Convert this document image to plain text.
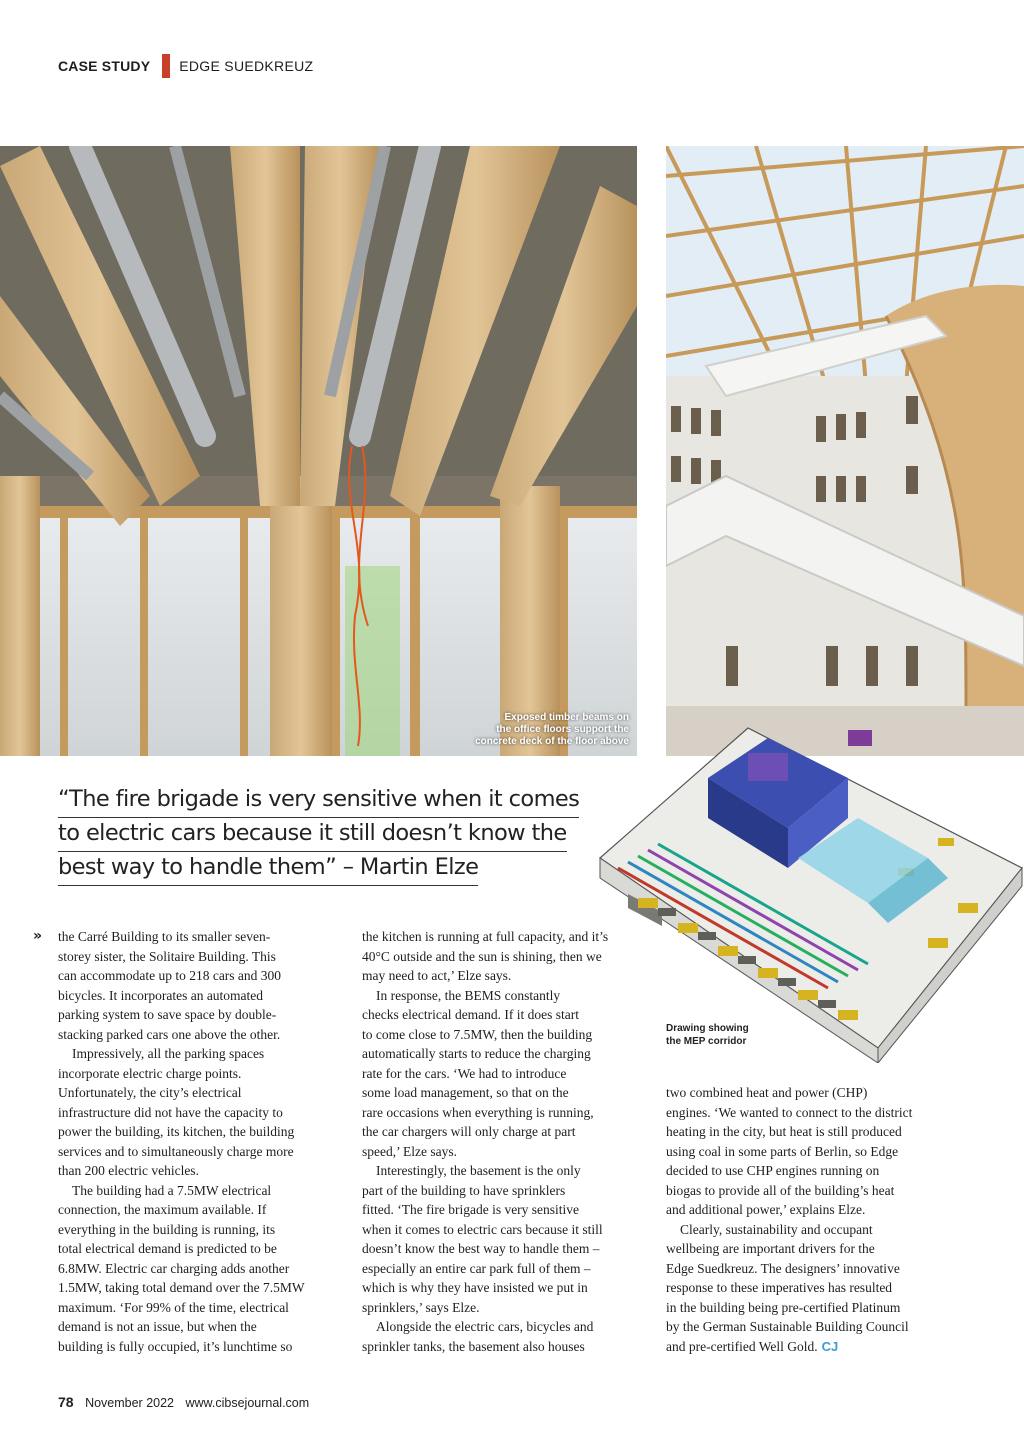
CASE STUDY EDGE SUEDKREUZ
Exposed timber beams on
the office floors support the
concrete deck of the floor above
“The fire brigade is very sensitive when it comes
to electric cars because it still doesn’t know the
best way to handle them” – Martin Elze
Drawing showing
the MEP corridor
» the Carré Building to its smaller seven-

storey sister, the Solitaire Building. This

can accommodate up to 218 cars and 300

bicycles. It incorporates an automated

parking system to save space by double-

stacking parked cars one above the other.

Impressively, all the parking spaces

incorporate electric charge points.

Unfortunately, the city’s electrical

infrastructure did not have the capacity to

power the building, its kitchen, the building

services and to simultaneously charge more

than 200 electric vehicles.

The building had a 7.5MW electrical

connection, the maximum available. If

everything in the building is running, its

total electrical demand is predicted to be

6.8MW. Electric car charging adds another

1.5MW, taking total demand over the 7.5MW

maximum. ‘For 99% of the time, electrical

demand is not an issue, but when the

building is fully occupied, it’s lunchtime so

the kitchen is running at full capacity, and it’s

40°C outside and the sun is shining, then we

may need to act,’ Elze says.

In response, the BEMS constantly

checks electrical demand. If it does start

to come close to 7.5MW, then the building

automatically starts to reduce the charging

rate for the cars. ‘We had to introduce

some load management, so that on the

rare occasions when everything is running,

the car chargers will only charge at part

speed,’ Elze says.

Interestingly, the basement is the only

part of the building to have sprinklers

fitted. ‘The fire brigade is very sensitive

when it comes to electric cars because it still

doesn’t know the best way to handle them –

especially an entire car park full of them –

which is why they have insisted we put in

sprinklers,’ says Elze.

Alongside the electric cars, bicycles and

sprinkler tanks, the basement also houses

two combined heat and power (CHP)

engines. ‘We wanted to connect to the district

heating in the city, but heat is still produced

using coal in some parts of Berlin, so Edge

decided to use CHP engines running on

biogas to provide all of the building’s heat

and additional power,’ explains Elze.

Clearly, sustainability and occupant

wellbeing are important drivers for the

Edge Suedkreuz. The designers’ innovative

response to these imperatives has resulted

in the building being pre-certified Platinum

by the German Sustainable Building Council

and pre-certified Well Gold. CJ

78 November 2022 www.cibsejournal.com
